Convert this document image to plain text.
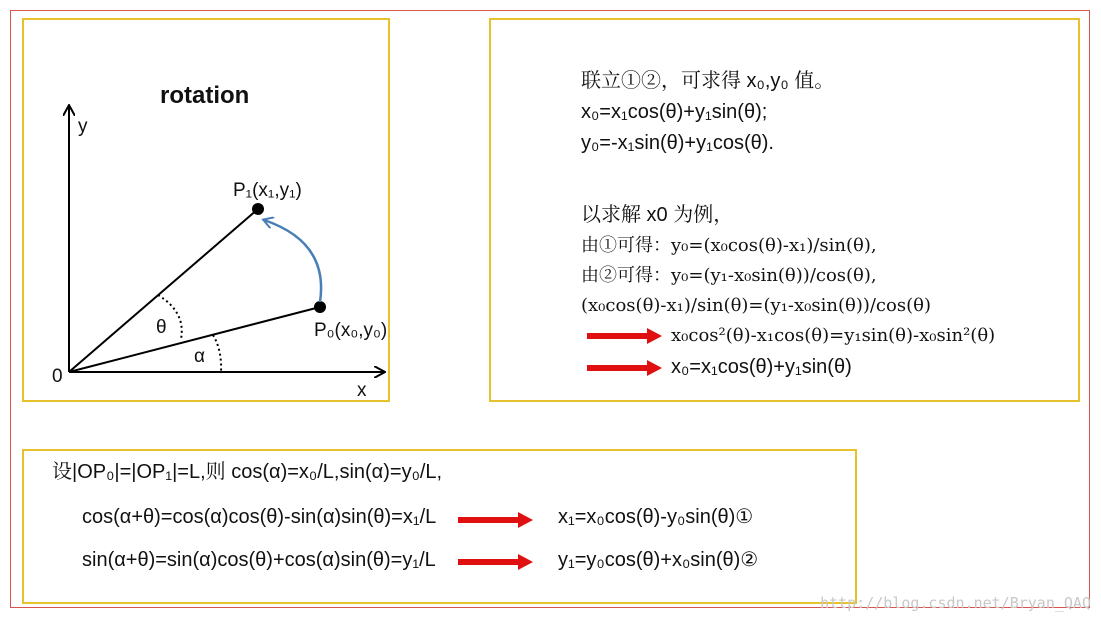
rotation
y
x
0
P₁(x₁,y₁)
P₀(x₀,y₀)
θ
α
联立①②，可求得 x₀,y₀ 值。
x₀=x₁cos(θ)+y₁sin(θ);
y₀=-x₁sin(θ)+y₁cos(θ).
以求解 x0 为例，
由①可得：y₀=(x₀cos(θ)-x₁)/sin(θ),
由②可得：y₀=(y₁-x₀sin(θ))/cos(θ),
(x₀cos(θ)-x₁)/sin(θ)=(y₁-x₀sin(θ))/cos(θ)
x₀cos²(θ)-x₁cos(θ)=y₁sin(θ)-x₀sin²(θ)
x₀=x₁cos(θ)+y₁sin(θ)
设|OP₀|=|OP₁|=L,则 cos(α)=x₀/L,sin(α)=y₀/L,
cos(α+θ)=cos(α)cos(θ)-sin(α)sin(θ)=x₁/L	x₁=x₀cos(θ)-y₀sin(θ)①
sin(α+θ)=sin(α)cos(θ)+cos(α)sin(θ)=y₁/L	y₁=y₀cos(θ)+x₀sin(θ)②
http://blog.csdn.net/Bryan_QAQ
